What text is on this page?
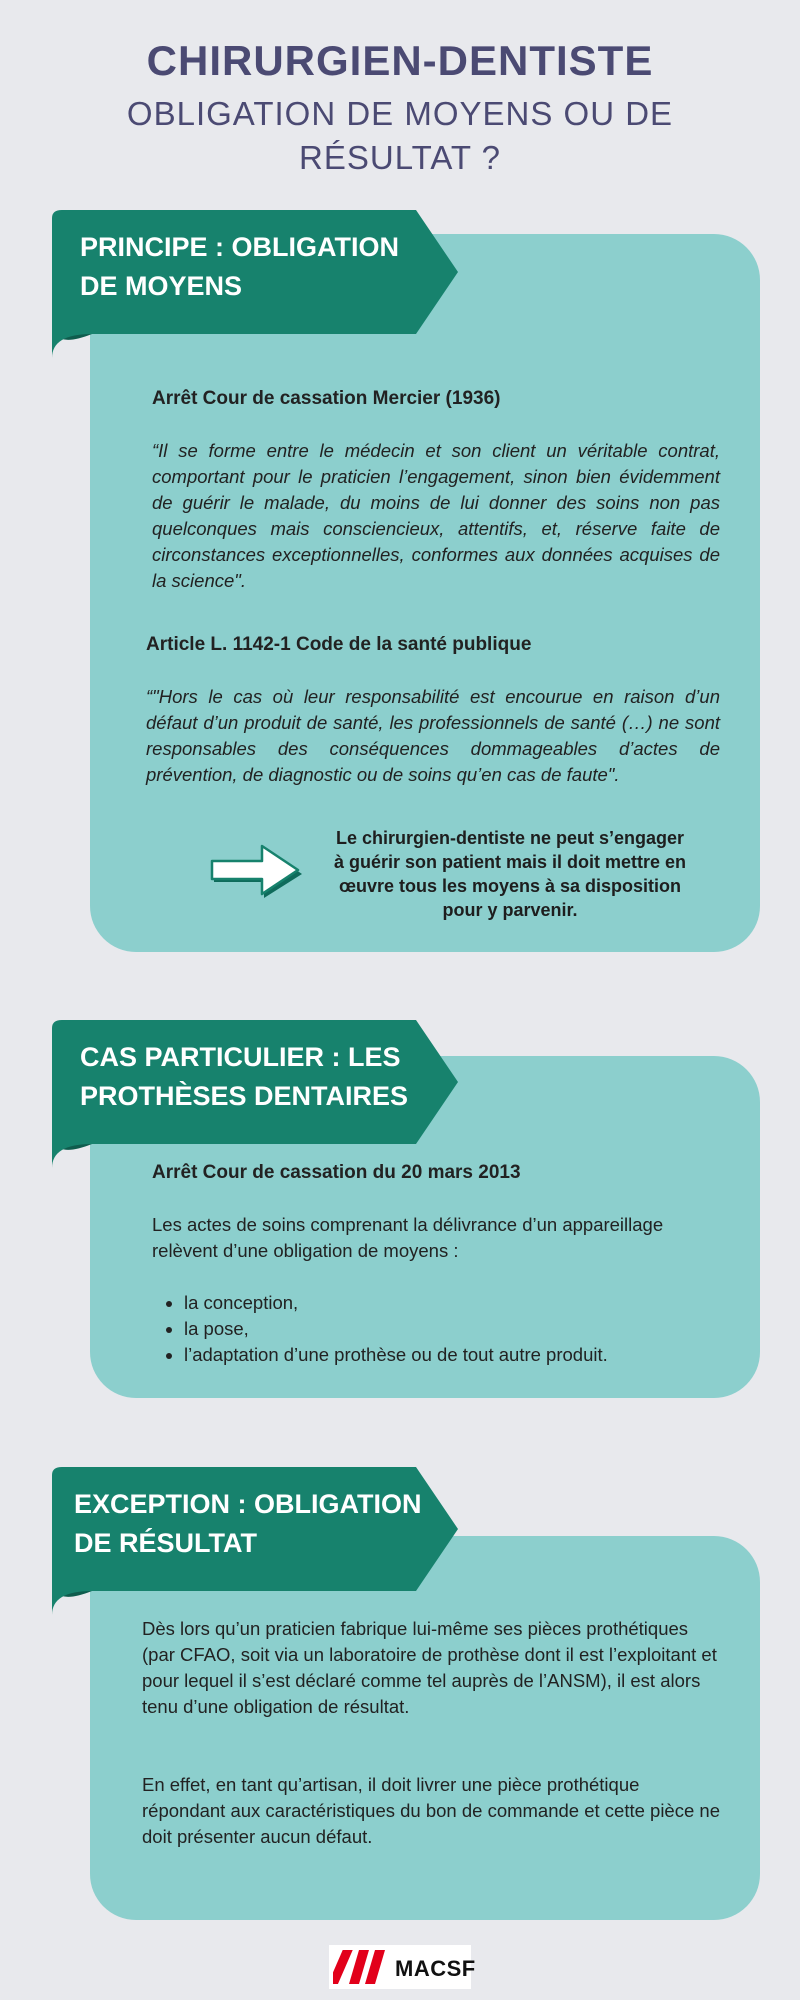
CHIRURGIEN-DENTISTE
OBLIGATION DE MOYENS OU DE
RÉSULTAT ?
Arrêt Cour de cassation Mercier (1936)
“Il se forme entre le médecin et son client un véritable contrat, comportant pour le praticien l’engagement, sinon bien évidemment de guérir le malade, du moins de lui donner des soins non pas quelconques mais consciencieux, attentifs, et, réserve faite de circonstances exceptionnelles, conformes aux données acquises de la science".
Article L. 1142-1 Code de la santé publique
“"Hors le cas où leur responsabilité est encourue en raison d’un défaut d’un produit de santé, les professionnels de santé (…) ne sont responsables des conséquences dommageables d’actes de prévention, de diagnostic ou de soins qu’en cas de faute".
Le chirurgien-dentiste ne peut s’engager à guérir son patient mais il doit mettre en œuvre tous les moyens à sa disposition pour y parvenir.
PRINCIPE : OBLIGATION
DE MOYENS
Arrêt Cour de cassation du 20 mars 2013
Les actes de soins comprenant la délivrance d’un appareillage relèvent d’une obligation de moyens :
• la conception,
• la pose,
• l’adaptation d’une prothèse ou de tout autre produit.
CAS PARTICULIER : LES
PROTHÈSES DENTAIRES
Dès lors qu’un praticien fabrique lui-même ses pièces prothétiques (par CFAO, soit via un laboratoire de prothèse dont il est l’exploitant et pour lequel il s’est déclaré comme tel auprès de l’ANSM), il est alors tenu d’une obligation de résultat.
En effet, en tant qu’artisan, il doit livrer une pièce prothétique répondant aux caractéristiques du bon de commande et cette pièce ne doit présenter aucun défaut.
EXCEPTION : OBLIGATION
DE RÉSULTAT
MACSF
